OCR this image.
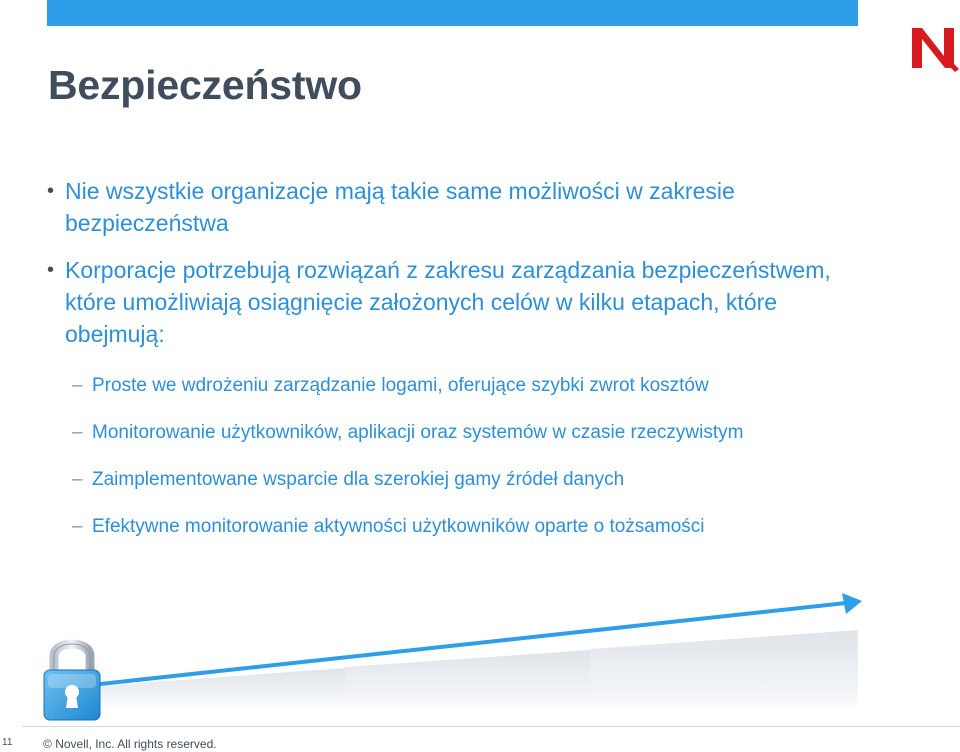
Bezpieczeństwo
• Nie wszystkie organizacje mają takie same możliwości w zakresie bezpieczeństwa
• Korporacje potrzebują rozwiązań z zakresu zarządzania bezpieczeństwem, które umożliwiają osiągnięcie założonych celów w kilku etapach, które obejmują:
– Proste we wdrożeniu zarządzanie logami, oferujące szybki zwrot kosztów
– Monitorowanie użytkowników, aplikacji oraz systemów w czasie rzeczywistym
– Zaimplementowane wsparcie dla szerokiej gamy źródeł danych
– Efektywne monitorowanie aktywności użytkowników oparte o tożsamości
11	© Novell, Inc. All rights reserved.
